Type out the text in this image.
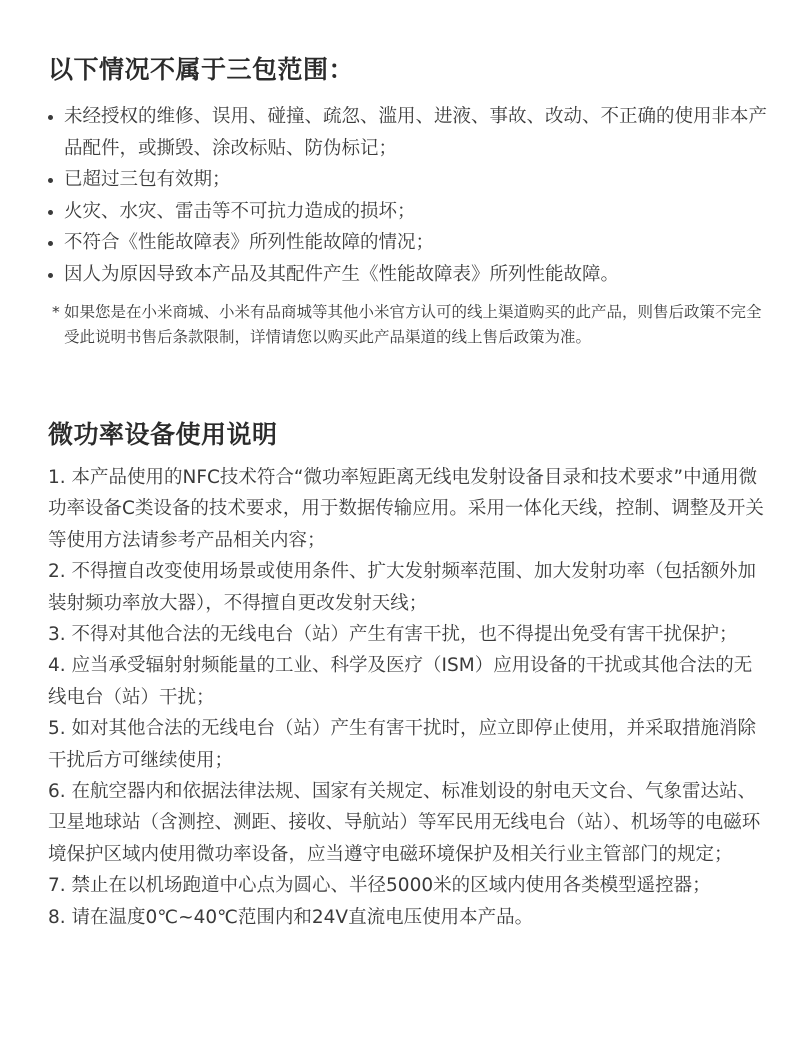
以下情况不属于三包范围：
未经授权的维修、误用、碰撞、疏忽、滥用、进液、事故、改动、不正确的使用非本产品配件，或撕毁、涂改标贴、防伪标记；
已超过三包有效期；
火灾、水灾、雷击等不可抗力造成的损坏；
不符合《性能故障表》所列性能故障的情况；
因人为原因导致本产品及其配件产生《性能故障表》所列性能故障。
* 如果您是在小米商城、小米有品商城等其他小米官方认可的线上渠道购买的此产品，则售后政策不完全受此说明书售后条款限制，详情请您以购买此产品渠道的线上售后政策为准。
微功率设备使用说明
1. 本产品使用的NFC技术符合“微功率短距离无线电发射设备目录和技术要求”中通用微功率设备C类设备的技术要求，用于数据传输应用。采用一体化天线，控制、调整及开关等使用方法请参考产品相关内容；
2. 不得擅自改变使用场景或使用条件、扩大发射频率范围、加大发射功率（包括额外加装射频功率放大器），不得擅自更改发射天线；
3. 不得对其他合法的无线电台（站）产生有害干扰，也不得提出免受有害干扰保护；
4. 应当承受辐射射频能量的工业、科学及医疗（ISM）应用设备的干扰或其他合法的无线电台（站）干扰；
5. 如对其他合法的无线电台（站）产生有害干扰时，应立即停止使用，并采取措施消除干扰后方可继续使用；
6. 在航空器内和依据法律法规、国家有关规定、标准划设的射电天文台、气象雷达站、卫星地球站（含测控、测距、接收、导航站）等军民用无线电台（站）、机场等的电磁环境保护区域内使用微功率设备，应当遵守电磁环境保护及相关行业主管部门的规定；
7. 禁止在以机场跑道中心点为圆心、半径5000米的区域内使用各类模型遥控器；
8. 请在温度0℃~40℃范围内和24V直流电压使用本产品。
